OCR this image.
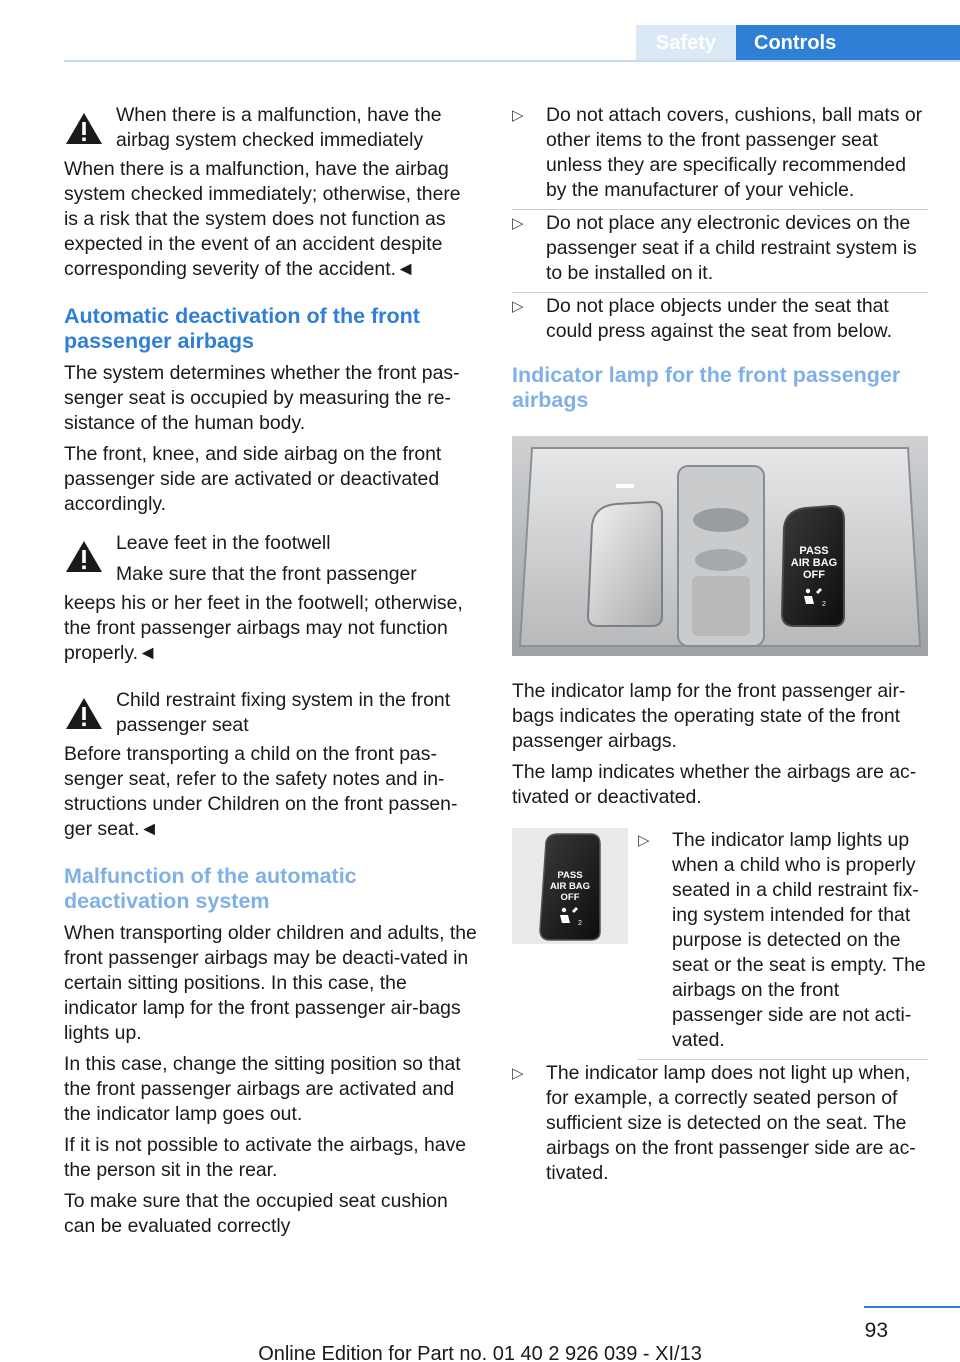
Safety	Controls
When there is a malfunction, have the airbag system checked immediately

When there is a malfunction, have the airbag system checked immediately; otherwise, there is a risk that the system does not function as expected in the event of an accident despite corresponding severity of the accident.◄

Automatic deactivation of the front passenger airbags

The system determines whether the front pas-senger seat is occupied by measuring the re-sistance of the human body.

The front, knee, and side airbag on the front passenger side are activated or deactivated accordingly.

Leave feet in the footwell
Make sure that the front passenger

keeps his or her feet in the footwell; otherwise, the front passenger airbags may not function properly.◄

Child restraint fixing system in the front passenger seat

Before transporting a child on the front pas-senger seat, refer to the safety notes and in-structions under Children on the front passen-ger seat.◄

Malfunction of the automatic deactivation system

When transporting older children and adults, the front passenger airbags may be deacti-vated in certain sitting positions. In this case, the indicator lamp for the front passenger air-bags lights up.

In this case, change the sitting position so that the front passenger airbags are activated and the indicator lamp goes out.

If it is not possible to activate the airbags, have the person sit in the rear.

To make sure that the occupied seat cushion can be evaluated correctly

▷ Do not attach covers, cushions, ball mats or other items to the front passenger seat unless they are specifically recommended by the manufacturer of your vehicle.
▷ Do not place any electronic devices on the passenger seat if a child restraint system is to be installed on it.
▷ Do not place objects under the seat that could press against the seat from below.
Indicator lamp for the front passenger airbags
PASS
AIR BAG
OFF
2

The indicator lamp for the front passenger air-bags indicates the operating state of the front passenger airbags.

The lamp indicates whether the airbags are ac-tivated or deactivated.

PASS
AIR BAG
OFF
2
▷ The indicator lamp lights up when a child who is properly seated in a child restraint fix-ing system intended for that purpose is detected on the seat or the seat is empty. The airbags on the front passenger side are not acti-vated.
▷ The indicator lamp does not light up when, for example, a correctly seated person of sufficient size is detected on the seat. The airbags on the front passenger side are ac-tivated.
93
Online Edition for Part no. 01 40 2 926 039 - XI/13
